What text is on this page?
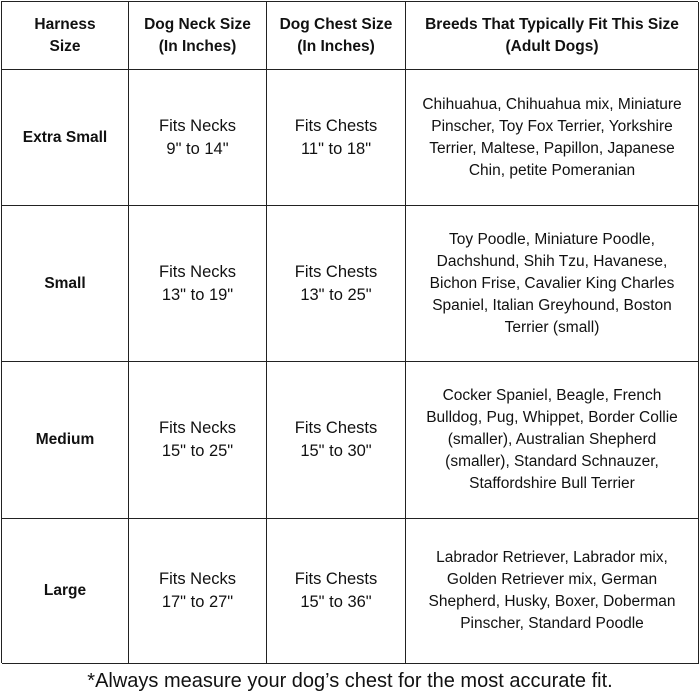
Harness Size
Dog Neck Size (In Inches)
Dog Chest Size (In Inches)
Breeds That Typically Fit This Size (Adult Dogs)
Extra Small
Fits Necks 9" to 14"
Fits Chests 11" to 18"
Chihuahua, Chihuahua mix, Miniature Pinscher, Toy Fox Terrier, Yorkshire Terrier, Maltese, Papillon, Japanese Chin, petite Pomeranian
Small
Fits Necks 13" to 19"
Fits Chests 13" to 25"
Toy Poodle, Miniature Poodle, Dachshund, Shih Tzu, Havanese, Bichon Frise, Cavalier King Charles Spaniel, Italian Greyhound, Boston Terrier (small)
Medium
Fits Necks 15" to 25"
Fits Chests 15" to 30"
Cocker Spaniel, Beagle, French Bulldog, Pug, Whippet, Border Collie (smaller), Australian Shepherd (smaller), Standard Schnauzer, Staffordshire Bull Terrier
Large
Fits Necks 17" to 27"
Fits Chests 15" to 36"
Labrador Retriever, Labrador mix, Golden Retriever mix, German Shepherd, Husky, Boxer, Doberman Pinscher, Standard Poodle
*Always measure your dog’s chest for the most accurate fit.
